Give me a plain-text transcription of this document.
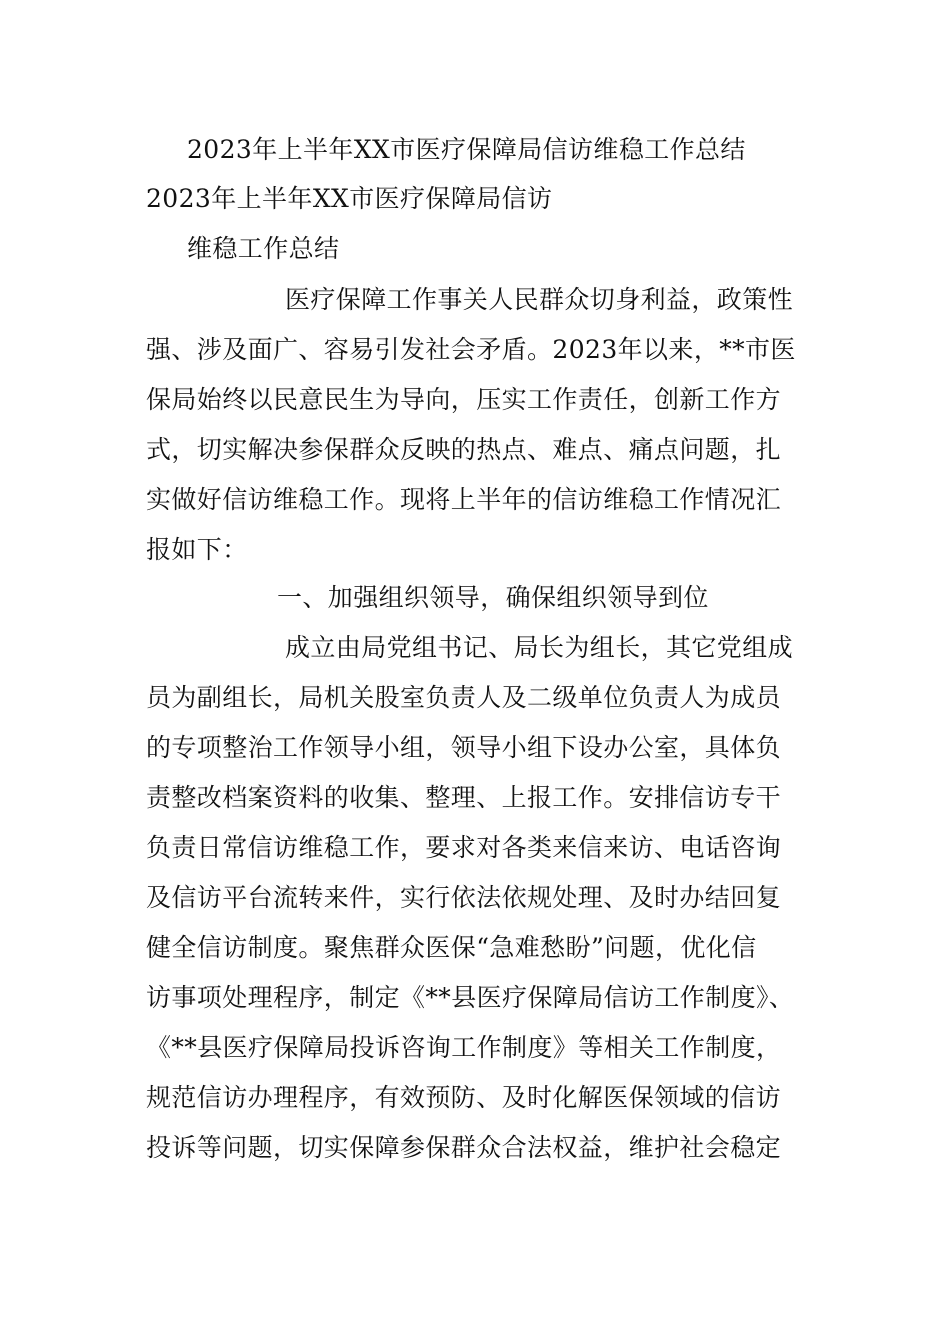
2023年上半年XX市医疗保障局信访维稳工作总结
2023年上半年XX市医疗保障局信访
维稳工作总结
医疗保障工作事关人民群众切身利益，政策性
强、涉及面广、容易引发社会矛盾。2023年以来，**市医
保局始终以民意民生为导向，压实工作责任，创新工作方
式，切实解决参保群众反映的热点、难点、痛点问题，扎
实做好信访维稳工作。现将上半年的信访维稳工作情况汇
报如下：
一、加强组织领导，确保组织领导到位
成立由局党组书记、局长为组长，其它党组成
员为副组长，局机关股室负责人及二级单位负责人为成员
的专项整治工作领导小组，领导小组下设办公室，具体负
责整改档案资料的收集、整理、上报工作。安排信访专干
负责日常信访维稳工作，要求对各类来信来访、电话咨询
及信访平台流转来件，实行依法依规处理、及时办结回复
健全信访制度。聚焦群众医保“急难愁盼”问题，优化信
访事项处理程序，制定《**县医疗保障局信访工作制度》、
《**县医疗保障局投诉咨询工作制度》等相关工作制度，
规范信访办理程序，有效预防、及时化解医保领域的信访
投诉等问题，切实保障参保群众合法权益，维护社会稳定
